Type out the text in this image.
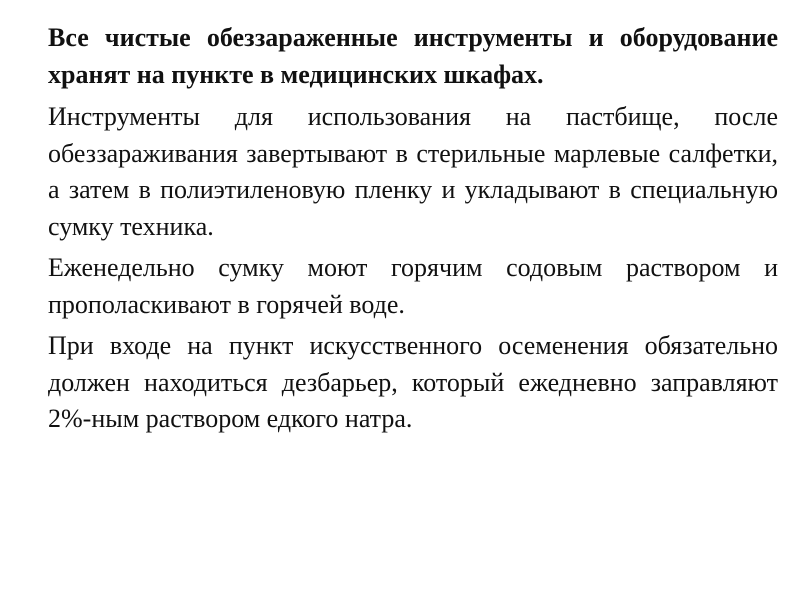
Все чистые обеззараженные инструменты и оборудование хранят на пункте в медицинских шкафах.

Инструменты для использования на пастбище, после обеззараживания завертывают в стерильные марлевые салфетки, а затем в полиэтиленовую пленку и укладывают в специальную сумку техника.

Еженедельно сумку моют горячим содовым раствором и прополаскивают в горячей воде.

При входе на пункт искусственного осеменения обязательно должен находиться дезбарьер, который ежедневно заправляют 2%-ным раствором едкого натра.
